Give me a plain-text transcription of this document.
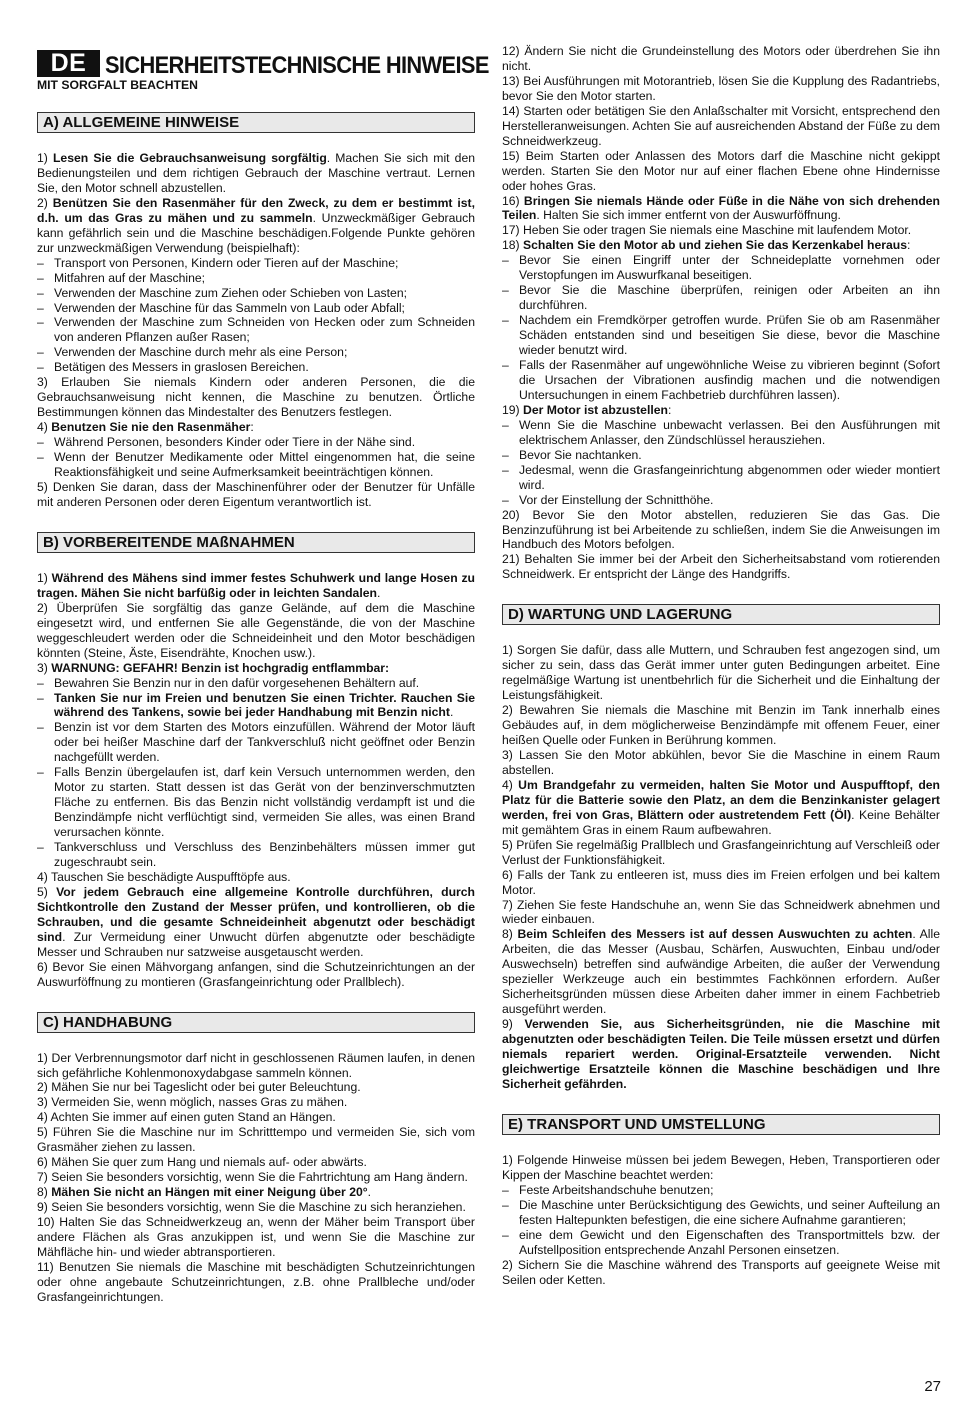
DE SICHERHEITSTECHNISCHE HINWEISE
MIT SORGFALT BEACHTEN
A) ALLGEMEINE HINWEISE

1) Lesen Sie die Gebrauchsanweisung sorgfältig. Machen Sie sich mit den Bedienungsteilen und dem richtigen Gebrauch der Maschine vertraut. Lernen Sie, den Motor schnell abzustellen.

2) Benützen Sie den Rasenmäher für den Zweck, zu dem er bestimmt ist, d.h. um das Gras zu mähen und zu sammeln. Unzweckmäßiger Gebrauch kann gefährlich sein und die Maschine beschädigen.Folgende Punkte gehören zur unzweckmäßigen Verwendung (beispielhaft):

– Transport von Personen, Kindern oder Tieren auf der Maschine;

– Mitfahren auf der Maschine;

– Verwenden der Maschine zum Ziehen oder Schieben von Lasten;

– Verwenden der Maschine für das Sammeln von Laub oder Abfall;

– Verwenden der Maschine zum Schneiden von Hecken oder zum Schneiden von anderen Pflanzen außer Rasen;

– Verwenden der Maschine durch mehr als eine Person;

– Betätigen des Messers in graslosen Bereichen.

3) Erlauben Sie niemals Kindern oder anderen Personen, die die Gebrauchsanweisung nicht kennen, die Maschine zu benutzen. Örtliche Bestimmungen können das Mindestalter des Benutzers festlegen.

4) Benutzen Sie nie den Rasenmäher:

– Während Personen, besonders Kinder oder Tiere in der Nähe sind.

– Wenn der Benutzer Medikamente oder Mittel eingenommen hat, die seine Reaktionsfähigkeit und seine Aufmerksamkeit beeinträchtigen können.

5) Denken Sie daran, dass der Maschinenführer oder der Benutzer für Unfälle mit anderen Personen oder deren Eigentum verantwortlich ist.

B) VORBEREITENDE MAßNAHMEN

1) Während des Mähens sind immer festes Schuhwerk und lange Hosen zu tragen. Mähen Sie nicht barfüßig oder in leichten Sandalen.

2) Überprüfen Sie sorgfältig das ganze Gelände, auf dem die Maschine eingesetzt wird, und entfernen Sie alle Gegenstände, die von der Maschine weggeschleudert werden oder die Schneideinheit und den Motor beschädigen könnten (Steine, Äste, Eisendrähte, Knochen usw.).

3) WARNUNG: GEFAHR! Benzin ist hochgradig entflammbar:

– Bewahren Sie Benzin nur in den dafür vorgesehenen Behältern auf.

– Tanken Sie nur im Freien und benutzen Sie einen Trichter. Rauchen Sie während des Tankens, sowie bei jeder Handhabung mit Benzin nicht.

– Benzin ist vor dem Starten des Motors einzufüllen. Während der Motor läuft oder bei heißer Maschine darf der Tankverschluß nicht geöffnet oder Benzin nachgefüllt werden.

– Falls Benzin übergelaufen ist, darf kein Versuch unternommen werden, den Motor zu starten. Statt dessen ist das Gerät von der benzinverschmutzten Fläche zu entfernen. Bis das Benzin nicht vollständig verdampft ist und die Benzindämpfe nicht verflüchtigt sind, vermeiden Sie alles, was einen Brand verursachen könnte.

– Tankverschluss und Verschluss des Benzinbehälters müssen immer gut zugeschraubt sein.

4) Tauschen Sie beschädigte Auspufftöpfe aus.

5) Vor jedem Gebrauch eine allgemeine Kontrolle durchführen, durch Sichtkontrolle den Zustand der Messer prüfen, und kontrollieren, ob die Schrauben, und die gesamte Schneideinheit abgenutzt oder beschädigt sind. Zur Vermeidung einer Unwucht dürfen abgenutzte oder beschädigte Messer und Schrauben nur satzweise ausgetauscht werden.

6) Bevor Sie einen Mähvorgang anfangen, sind die Schutzeinrichtungen an der Auswurföffnung zu montieren (Grasfangeinrichtung oder Prallblech).

C) HANDHABUNG

1) Der Verbrennungsmotor darf nicht in geschlossenen Räumen laufen, in denen sich gefährliche Kohlenmonoxydabgase sammeln können.

2) Mähen Sie nur bei Tageslicht oder bei guter Beleuchtung.

3) Vermeiden Sie, wenn möglich, nasses Gras zu mähen.

4) Achten Sie immer auf einen guten Stand an Hängen.

5) Führen Sie die Maschine nur im Schritttempo und vermeiden Sie, sich vom Grasmäher ziehen zu lassen.

6) Mähen Sie quer zum Hang und niemals auf- oder abwärts.

7) Seien Sie besonders vorsichtig, wenn Sie die Fahrtrichtung am Hang ändern.

8) Mähen Sie nicht an Hängen mit einer Neigung über 20°.

9) Seien Sie besonders vorsichtig, wenn Sie die Maschine zu sich heranziehen.

10) Halten Sie das Schneidwerkzeug an, wenn der Mäher beim Transport über andere Flächen als Gras anzukippen ist, und wenn Sie die Maschine zur Mähfläche hin- und wieder abtransportieren.

11) Benutzen Sie niemals die Maschine mit beschädigten Schutzeinrichtungen oder ohne angebaute Schutzeinrichtungen, z.B. ohne Prallbleche und/oder Grasfangeinrichtungen.

12) Ändern Sie nicht die Grundeinstellung des Motors oder überdrehen Sie ihn nicht.

13) Bei Ausführungen mit Motorantrieb, lösen Sie die Kupplung des Radantriebs, bevor Sie den Motor starten.

14) Starten oder betätigen Sie den Anlaßschalter mit Vorsicht, entsprechend den Herstelleranweisungen. Achten Sie auf ausreichenden Abstand der Füße zu dem Schneidwerkzeug.

15) Beim Starten oder Anlassen des Motors darf die Maschine nicht gekippt werden. Starten Sie den Motor nur auf einer flachen Ebene ohne Hindernisse oder hohes Gras.

16) Bringen Sie niemals Hände oder Füße in die Nähe von sich drehenden Teilen. Halten Sie sich immer entfernt von der Auswurföffnung.

17) Heben Sie oder tragen Sie niemals eine Maschine mit laufendem Motor.

18) Schalten Sie den Motor ab und ziehen Sie das Kerzenkabel heraus:

– Bevor Sie einen Eingriff unter der Schneideplatte vornehmen oder Verstopfungen im Auswurfkanal beseitigen.

– Bevor Sie die Maschine überprüfen, reinigen oder Arbeiten an ihn durchführen.

– Nachdem ein Fremdkörper getroffen wurde. Prüfen Sie ob am Rasenmäher Schäden entstanden sind und beseitigen Sie diese, bevor die Maschine wieder benutzt wird.

– Falls der Rasenmäher auf ungewöhnliche Weise zu vibrieren beginnt (Sofort die Ursachen der Vibrationen ausfindig machen und die notwendigen Untersuchungen in einem Fachbetrieb durchführen lassen).

19) Der Motor ist abzustellen:

– Wenn Sie die Maschine unbewacht verlassen. Bei den Ausführungen mit elektrischem Anlasser, den Zündschlüssel herausziehen.

– Bevor Sie nachtanken.

– Jedesmal, wenn die Grasfangeinrichtung abgenommen oder wieder montiert wird.

– Vor der Einstellung der Schnitthöhe.

20) Bevor Sie den Motor abstellen, reduzieren Sie das Gas. Die Benzinzuführung ist bei Arbeitende zu schließen, indem Sie die Anweisungen im Handbuch des Motors befolgen.

21) Behalten Sie immer bei der Arbeit den Sicherheitsabstand vom rotierenden Schneidwerk. Er entspricht der Länge des Handgriffs.

D) WARTUNG UND LAGERUNG

1) Sorgen Sie dafür, dass alle Muttern, und Schrauben fest angezogen sind, um sicher zu sein, dass das Gerät immer unter guten Bedingungen arbeitet. Eine regelmäßige Wartung ist unentbehrlich für die Sicherheit und die Einhaltung der Leistungsfähigkeit.

2) Bewahren Sie niemals die Maschine mit Benzin im Tank innerhalb eines Gebäudes auf, in dem möglicherweise Benzindämpfe mit offenem Feuer, einer heißen Quelle oder Funken in Berührung kommen.

3) Lassen Sie den Motor abkühlen, bevor Sie die Maschine in einem Raum abstellen.

4) Um Brandgefahr zu vermeiden, halten Sie Motor und Auspufftopf, den Platz für die Batterie sowie den Platz, an dem die Benzinkanister gelagert werden, frei von Gras, Blättern oder austretendem Fett (Öl). Keine Behälter mit gemähtem Gras in einem Raum aufbewahren.

5) Prüfen Sie regelmäßig Prallblech und Grasfangeinrichtung auf Verschleiß oder Verlust der Funktionsfähigkeit.

6) Falls der Tank zu entleeren ist, muss dies im Freien erfolgen und bei kaltem Motor.

7) Ziehen Sie feste Handschuhe an, wenn Sie das Schneidwerk abnehmen und wieder einbauen.

8) Beim Schleifen des Messers ist auf dessen Auswuchten zu achten. Alle Arbeiten, die das Messer (Ausbau, Schärfen, Auswuchten, Einbau und/oder Auswechseln) betreffen sind aufwändige Arbeiten, die außer der Verwendung spezieller Werkzeuge auch ein bestimmtes Fachkönnen erfordern. Außer Sicherheitsgründen müssen diese Arbeiten daher immer in einem Fachbetrieb ausgeführt werden.

9) Verwenden Sie, aus Sicherheitsgründen, nie die Maschine mit abgenutzten oder beschädigten Teilen. Die Teile müssen ersetzt und dürfen niemals repariert werden. Original-Ersatzteile verwenden. Nicht gleichwertige Ersatzteile können die Maschine beschädigen und Ihre Sicherheit gefährden.

E) TRANSPORT UND UMSTELLUNG

1) Folgende Hinweise müssen bei jedem Bewegen, Heben, Transportieren oder Kippen der Maschine beachtet werden:

– Feste Arbeitshandschuhe benutzen;

– Die Maschine unter Berücksichtigung des Gewichts, und seiner Aufteilung an festen Haltepunkten befestigen, die eine sichere Aufnahme garantieren;

– eine dem Gewicht und den Eigenschaften des Transportmittels bzw. der Aufstellposition entsprechende Anzahl Personen einsetzen.

2) Sichern Sie die Maschine während des Transports auf geeignete Weise mit Seilen oder Ketten.

27
